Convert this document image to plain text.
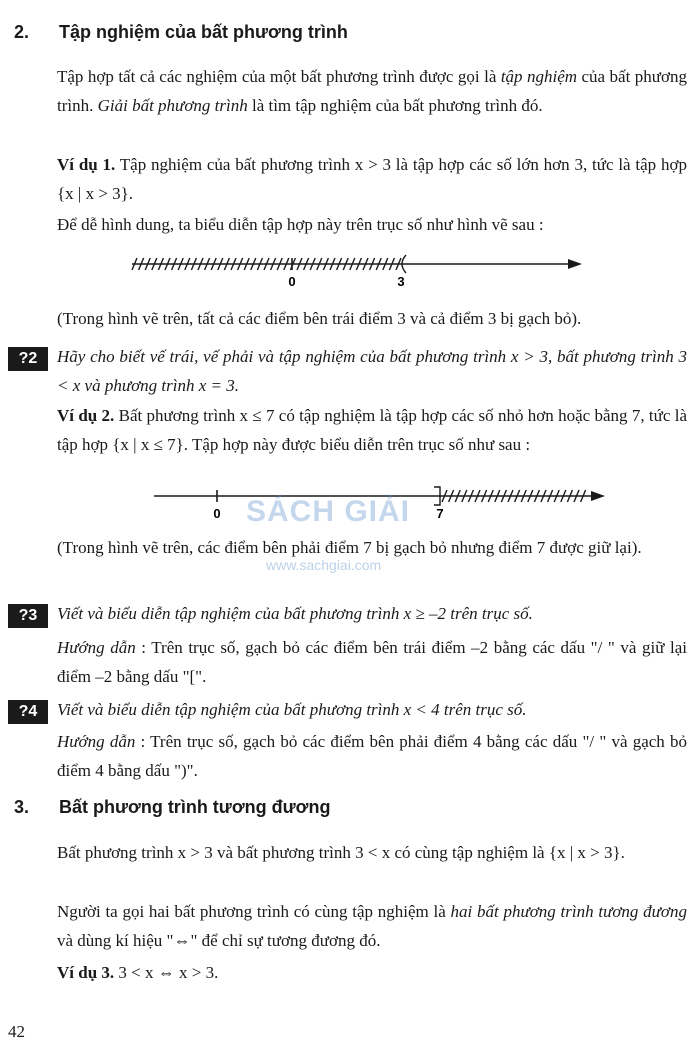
2. Tập nghiệm của bất phương trình
Tập hợp tất cả các nghiệm của một bất phương trình được gọi là tập nghiệm của bất phương trình. Giải bất phương trình là tìm tập nghiệm của bất phương trình đó.
Ví dụ 1. Tập nghiệm của bất phương trình x > 3 là tập hợp các số lớn hơn 3, tức là tập hợp {x | x > 3}.
Để dễ hình dung, ta biểu diễn tập hợp này trên trục số như hình vẽ sau :
0	3
(Trong hình vẽ trên, tất cả các điểm bên trái điểm 3 và cả điểm 3 bị gạch bỏ).
?2	Hãy cho biết vế trái, vế phải và tập nghiệm của bất phương trình x > 3, bất phương trình 3 < x và phương trình x = 3.
Ví dụ 2. Bất phương trình x ≤ 7 có tập nghiệm là tập hợp các số nhỏ hơn hoặc bằng 7, tức là tập hợp {x | x ≤ 7}. Tập hợp này được biểu diễn trên trục số như sau :
0	7
(Trong hình vẽ trên, các điểm bên phải điểm 7 bị gạch bỏ nhưng điểm 7 được giữ lại).
?3	Viết và biểu diễn tập nghiệm của bất phương trình x ≥ –2 trên trục số.
Hướng dẫn : Trên trục số, gạch bỏ các điểm bên trái điểm –2 bằng các dấu "/ " và giữ lại điểm –2 bằng dấu "[".
?4	Viết và biểu diễn tập nghiệm của bất phương trình x < 4 trên trục số.
Hướng dẫn : Trên trục số, gạch bỏ các điểm bên phải điểm 4 bằng các dấu "/ " và gạch bỏ điểm 4 bằng dấu ")".
3. Bất phương trình tương đương
Bất phương trình x > 3 và bất phương trình 3 < x có cùng tập nghiệm là {x | x > 3}.
Người ta gọi hai bất phương trình có cùng tập nghiệm là hai bất phương trình tương đương và dùng kí hiệu "⇔" để chỉ sự tương đương đó.
Ví dụ 3. 3 < x ⇔ x > 3.
SÁCH GIẢI
www.sachgiai.com
42
